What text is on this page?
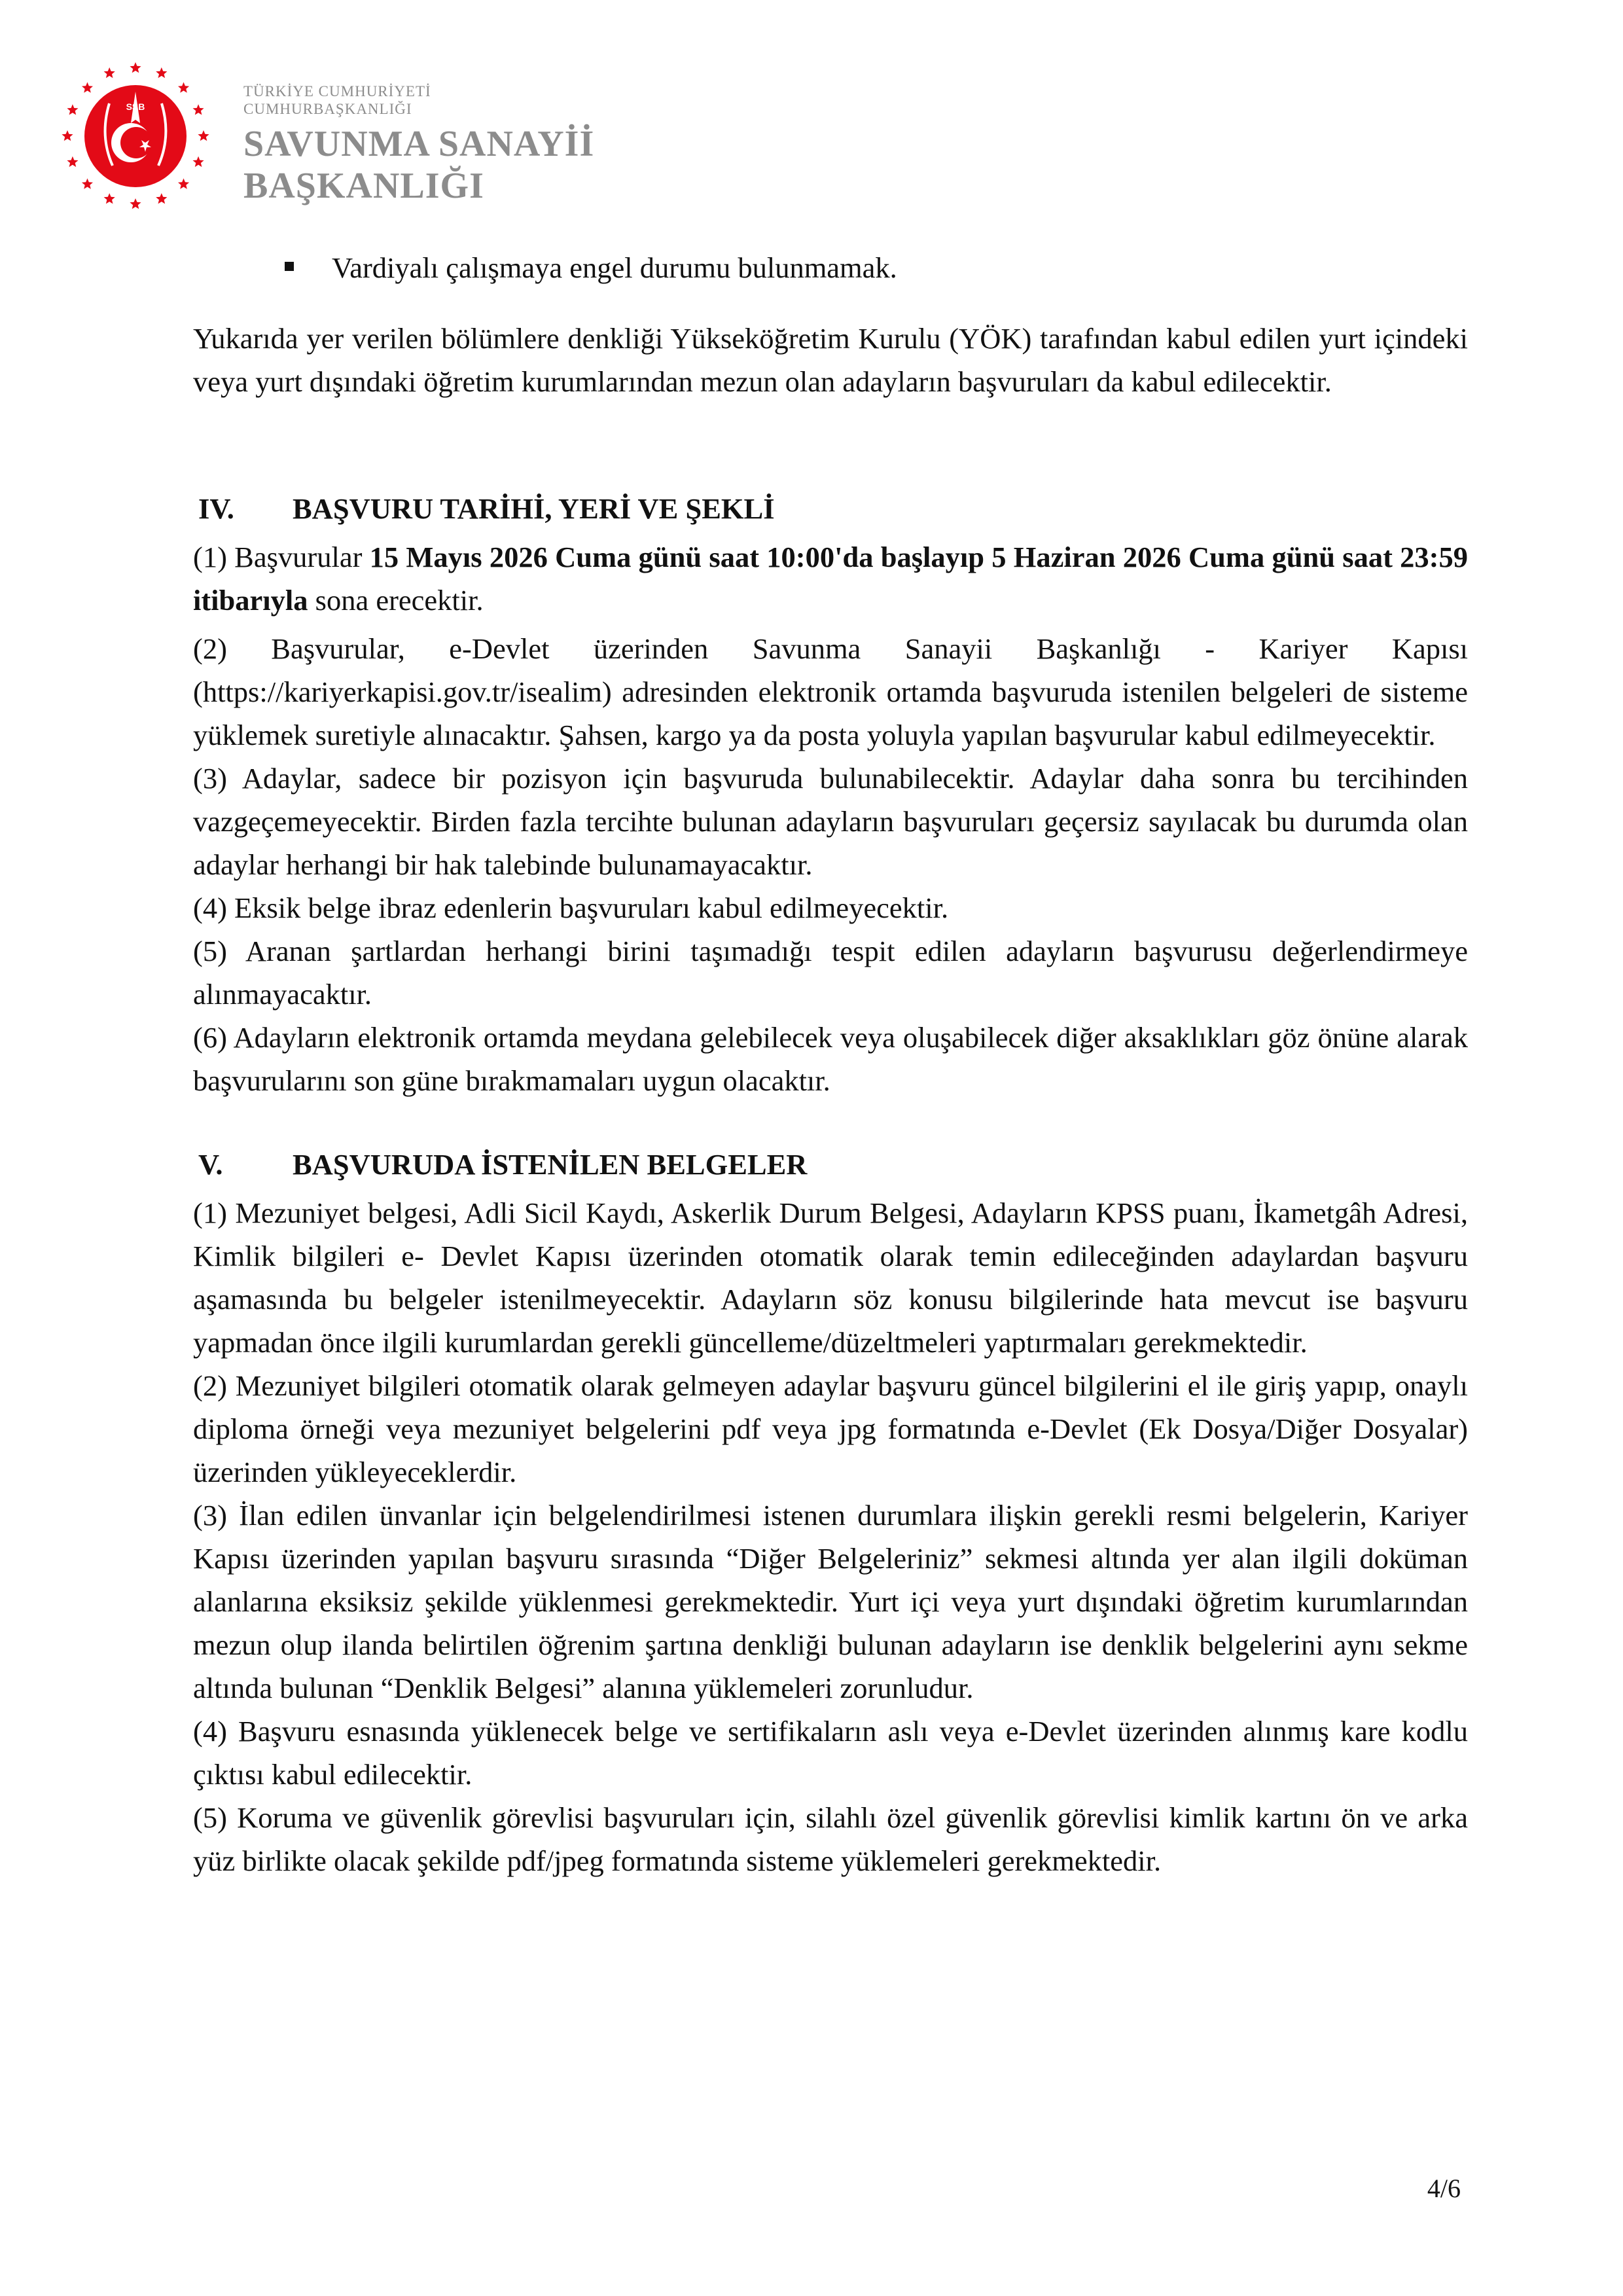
SSB
TÜRKİYE CUMHURİYETİ
CUMHURBAŞKANLIĞI
SAVUNMA SANAYİİ
BAŞKANLIĞI

Vardiyalı çalışmaya engel durumu bulunmamak.

Yukarıda yer verilen bölümlere denkliği Yükseköğretim Kurulu (YÖK) tarafından kabul edilen yurt içindeki veya yurt dışındaki öğretim kurumlarından mezun olan adayların başvuruları da kabul edilecektir.

IV.	BAŞVURU TARİHİ, YERİ VE ŞEKLİ

(1) Başvurular 15 Mayıs 2026 Cuma günü saat 10:00'da başlayıp 5 Haziran 2026 Cuma günü saat 23:59 itibarıyla sona erecektir.

(2) Başvurular, e-Devlet üzerinden Savunma Sanayii Başkanlığı - Kariyer Kapısı (https://kariyerkapisi.gov.tr/isealim) adresinden elektronik ortamda başvuruda istenilen belgeleri de sisteme yüklemek suretiyle alınacaktır. Şahsen, kargo ya da posta yoluyla yapılan başvurular kabul edilmeyecektir.

(3) Adaylar, sadece bir pozisyon için başvuruda bulunabilecektir. Adaylar daha sonra bu tercihinden vazgeçemeyecektir. Birden fazla tercihte bulunan adayların başvuruları geçersiz sayılacak bu durumda olan adaylar herhangi bir hak talebinde bulunamayacaktır.

(4) Eksik belge ibraz edenlerin başvuruları kabul edilmeyecektir.

(5) Aranan şartlardan herhangi birini taşımadığı tespit edilen adayların başvurusu değerlendirmeye alınmayacaktır.

(6) Adayların elektronik ortamda meydana gelebilecek veya oluşabilecek diğer aksaklıkları göz önüne alarak başvurularını son güne bırakmamaları uygun olacaktır.

V.	BAŞVURUDA İSTENİLEN BELGELER

(1) Mezuniyet belgesi, Adli Sicil Kaydı, Askerlik Durum Belgesi, Adayların KPSS puanı, İkametgâh Adresi, Kimlik bilgileri e- Devlet Kapısı üzerinden otomatik olarak temin edileceğinden adaylardan başvuru aşamasında bu belgeler istenilmeyecektir. Adayların söz konusu bilgilerinde hata mevcut ise başvuru yapmadan önce ilgili kurumlardan gerekli güncelleme/düzeltmeleri yaptırmaları gerekmektedir.

(2) Mezuniyet bilgileri otomatik olarak gelmeyen adaylar başvuru güncel bilgilerini el ile giriş yapıp, onaylı diploma örneği veya mezuniyet belgelerini pdf veya jpg formatında e-Devlet (Ek Dosya/Diğer Dosyalar) üzerinden yükleyeceklerdir.

(3) İlan edilen ünvanlar için belgelendirilmesi istenen durumlara ilişkin gerekli resmi belgelerin, Kariyer Kapısı üzerinden yapılan başvuru sırasında “Diğer Belgeleriniz” sekmesi altında yer alan ilgili doküman alanlarına eksiksiz şekilde yüklenmesi gerekmektedir. Yurt içi veya yurt dışındaki öğretim kurumlarından mezun olup ilanda belirtilen öğrenim şartına denkliği bulunan adayların ise denklik belgelerini aynı sekme altında bulunan “Denklik Belgesi” alanına yüklemeleri zorunludur.

(4) Başvuru esnasında yüklenecek belge ve sertifikaların aslı veya e-Devlet üzerinden alınmış kare kodlu çıktısı kabul edilecektir.

(5) Koruma ve güvenlik görevlisi başvuruları için, silahlı özel güvenlik görevlisi kimlik kartını ön ve arka yüz birlikte olacak şekilde pdf/jpeg formatında sisteme yüklemeleri gerekmektedir.

4/6
